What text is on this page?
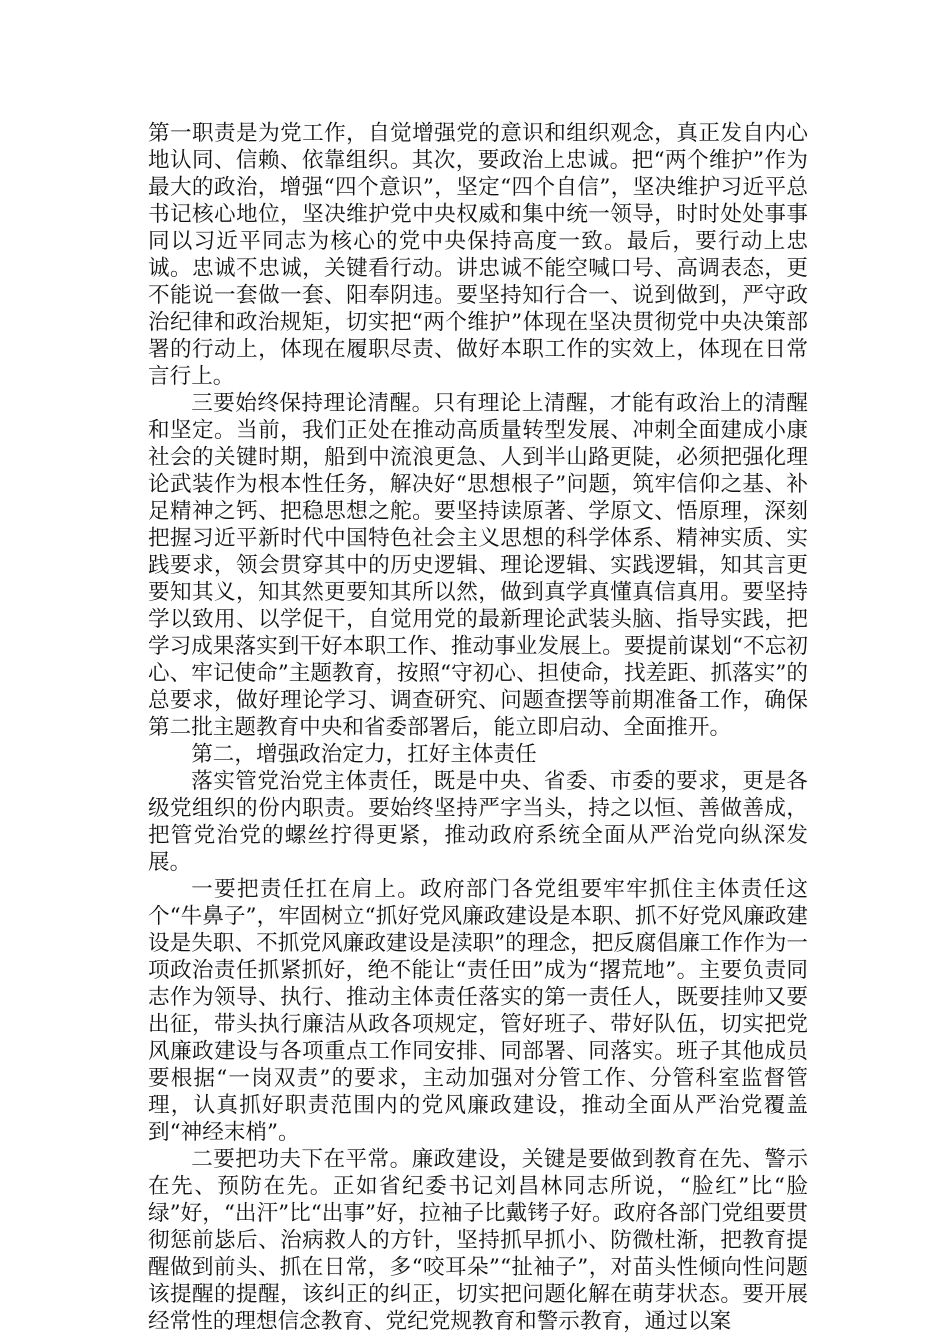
第一职责是为党工作，自觉增强党的意识和组织观念，真正发自内心地认同、信赖、依靠组织。其次，要政治上忠诚。把“两个维护”作为最大的政治，增强“四个意识”，坚定“四个自信”，坚决维护习近平总书记核心地位，坚决维护党中央权威和集中统一领导，时时处处事事同以习近平同志为核心的党中央保持高度一致。最后，要行动上忠诚。忠诚不忠诚，关键看行动。讲忠诚不能空喊口号、高调表态，更不能说一套做一套、阳奉阴违。要坚持知行合一、说到做到，严守政治纪律和政治规矩，切实把“两个维护”体现在坚决贯彻党中央决策部署的行动上，体现在履职尽责、做好本职工作的实效上，体现在日常言行上。

三要始终保持理论清醒。只有理论上清醒，才能有政治上的清醒和坚定。当前，我们正处在推动高质量转型发展、冲刺全面建成小康社会的关键时期，船到中流浪更急、人到半山路更陡，必须把强化理论武装作为根本性任务，解决好“思想根子”问题，筑牢信仰之基、补足精神之钙、把稳思想之舵。要坚持读原著、学原文、悟原理，深刻把握习近平新时代中国特色社会主义思想的科学体系、精神实质、实践要求，领会贯穿其中的历史逻辑、理论逻辑、实践逻辑，知其言更要知其义，知其然更要知其所以然，做到真学真懂真信真用。要坚持学以致用、以学促干，自觉用党的最新理论武装头脑、指导实践，把学习成果落实到干好本职工作、推动事业发展上。要提前谋划“不忘初心、牢记使命”主题教育，按照“守初心、担使命，找差距、抓落实”的总要求，做好理论学习、调查研究、问题查摆等前期准备工作，确保第二批主题教育中央和省委部署后，能立即启动、全面推开。

第二，增强政治定力，扛好主体责任

落实管党治党主体责任，既是中央、省委、市委的要求，更是各级党组织的份内职责。要始终坚持严字当头，持之以恒、善做善成，把管党治党的螺丝拧得更紧，推动政府系统全面从严治党向纵深发展。

一要把责任扛在肩上。政府部门各党组要牢牢抓住主体责任这个“牛鼻子”，牢固树立“抓好党风廉政建设是本职、抓不好党风廉政建设是失职、不抓党风廉政建设是渎职”的理念，把反腐倡廉工作作为一项政治责任抓紧抓好，绝不能让“责任田”成为“撂荒地”。主要负责同志作为领导、执行、推动主体责任落实的第一责任人，既要挂帅又要出征，带头执行廉洁从政各项规定，管好班子、带好队伍，切实把党风廉政建设与各项重点工作同安排、同部署、同落实。班子其他成员要根据“一岗双责”的要求，主动加强对分管工作、分管科室监督管理，认真抓好职责范围内的党风廉政建设，推动全面从严治党覆盖到“神经末梢”。

二要把功夫下在平常。廉政建设，关键是要做到教育在先、警示在先、预防在先。正如省纪委书记刘昌林同志所说，“脸红”比“脸绿”好，“出汗”比“出事”好，拉袖子比戴铐子好。政府各部门党组要贯彻惩前毖后、治病救人的方针，坚持抓早抓小、防微杜渐，把教育提醒做到前头、抓在日常，多“咬耳朵”“扯袖子”，对苗头性倾向性问题该提醒的提醒，该纠正的纠正，切实把问题化解在萌芽状态。要开展经常性的理想信念教育、党纪党规教育和警示教育，通过以案
